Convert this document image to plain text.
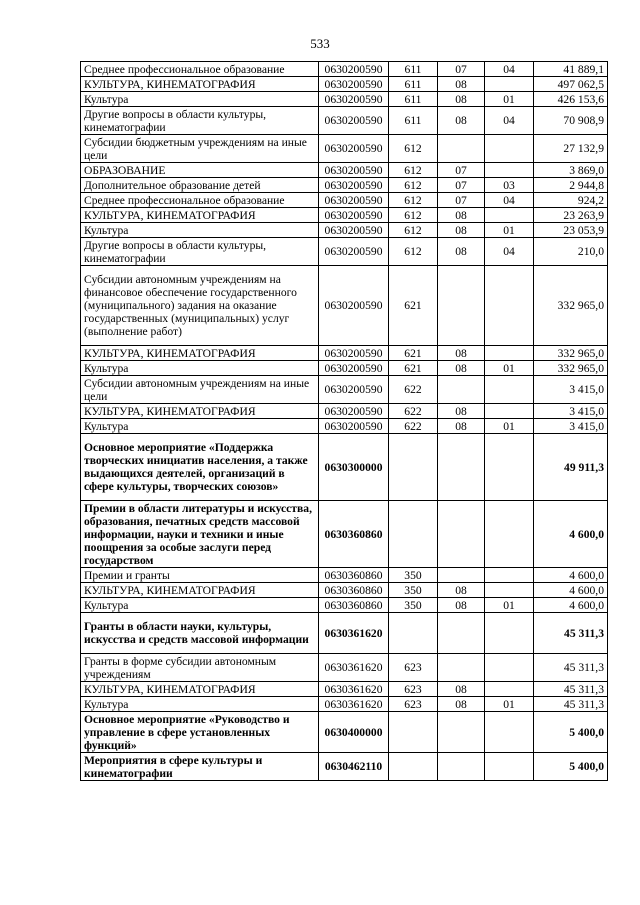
533
Среднее профессиональное образование	0630200590	611	07	04	41 889,1
КУЛЬТУРА, КИНЕМАТОГРАФИЯ	0630200590	611	08		497 062,5
Культура	0630200590	611	08	01	426 153,6
Другие вопросы в области культуры, кинематографии	0630200590	611	08	04	70 908,9
Субсидии бюджетным учреждениям на иные цели	0630200590	612			27 132,9
ОБРАЗОВАНИЕ	0630200590	612	07		3 869,0
Дополнительное образование детей	0630200590	612	07	03	2 944,8
Среднее профессиональное образование	0630200590	612	07	04	924,2
КУЛЬТУРА, КИНЕМАТОГРАФИЯ	0630200590	612	08		23 263,9
Культура	0630200590	612	08	01	23 053,9
Другие вопросы в области культуры, кинематографии	0630200590	612	08	04	210,0
Субсидии автономным учреждениям на финансовое обеспечение государственного (муниципального) задания на оказание государственных (муниципальных) услуг (выполнение работ)	0630200590	621			332 965,0
КУЛЬТУРА, КИНЕМАТОГРАФИЯ	0630200590	621	08		332 965,0
Культура	0630200590	621	08	01	332 965,0
Субсидии автономным учреждениям на иные цели	0630200590	622			3 415,0
КУЛЬТУРА, КИНЕМАТОГРАФИЯ	0630200590	622	08		3 415,0
Культура	0630200590	622	08	01	3 415,0
Основное мероприятие «Поддержка творческих инициатив населения, а также выдающихся деятелей, организаций в сфере культуры, творческих союзов»	0630300000				49 911,3
Премии в области литературы и искусства, образования, печатных средств массовой информации, науки и техники и иные поощрения за особые заслуги перед государством	0630360860				4 600,0
Премии и гранты	0630360860	350			4 600,0
КУЛЬТУРА, КИНЕМАТОГРАФИЯ	0630360860	350	08		4 600,0
Культура	0630360860	350	08	01	4 600,0
Гранты в области науки, культуры, искусства и средств массовой информации	0630361620				45 311,3
Гранты в форме субсидии автономным учреждениям	0630361620	623			45 311,3
КУЛЬТУРА, КИНЕМАТОГРАФИЯ	0630361620	623	08		45 311,3
Культура	0630361620	623	08	01	45 311,3
Основное мероприятие «Руководство и управление в сфере установленных функций»	0630400000				5 400,0
Мероприятия в сфере культуры и кинематографии	0630462110				5 400,0
